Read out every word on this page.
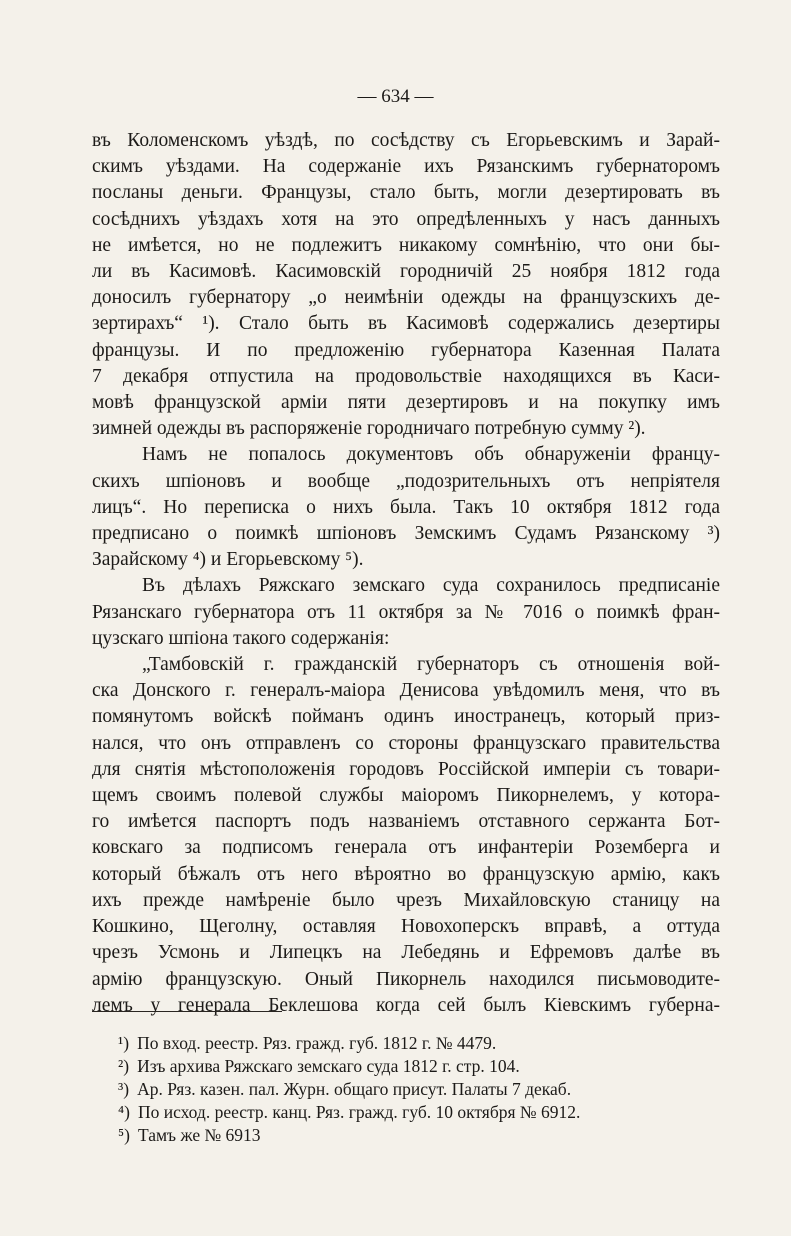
— 634 —

въ Коломенскомъ уѣздѣ, по сосѣдству съ Егорьевскимъ и Зарай-
скимъ уѣздами. На содержаніе ихъ Рязанскимъ губернаторомъ
посланы деньги. Французы, стало быть, могли дезертировать въ
сосѣднихъ уѣздахъ хотя на это опредѣленныхъ у насъ данныхъ
не имѣется, но не подлежитъ никакому сомнѣнію, что они бы-
ли въ Касимовѣ. Касимовскій городничій 25 ноября 1812 года
доносилъ губернатору „о неимѣніи одежды на французскихъ де-
зертирахъ“ ¹). Стало быть въ Касимовѣ содержались дезертиры
французы. И по предложенію губернатора Казенная Палата
7 декабря отпустила на продовольствіе находящихся въ Каси-
мовѣ французской арміи пяти дезертировъ и на покупку имъ
зимней одежды въ распоряженіе городничаго потребную сумму ²).

Намъ не попалось документовъ объ обнаруженіи францу-
скихъ шпіоновъ и вообще „подозрительныхъ отъ непріятеля
лицъ“. Но переписка о нихъ была. Такъ 10 октября 1812 года
предписано о поимкѣ шпіоновъ Земскимъ Судамъ Рязанскому ³)
Зарайскому ⁴) и Егорьевскому ⁵).

Въ дѣлахъ Ряжскаго земскаго суда сохранилось предписаніе
Рязанскаго губернатора отъ 11 октября за № 7016 о поимкѣ фран-
цузскаго шпіона такого содержанія:

„Тамбовскій г. гражданскій губернаторъ съ отношенія вой-
ска Донского г. генералъ-маіора Денисова увѣдомилъ меня, что въ
помянутомъ войскѣ пойманъ одинъ иностранецъ, который приз-
нался, что онъ отправленъ со стороны французскаго правительства
для снятія мѣстоположенія городовъ Россійской имперіи съ товари-
щемъ своимъ полевой службы маіоромъ Пикорнелемъ, у котора-
го имѣется паспортъ подъ названіемъ отставного сержанта Бот-
ковскаго за подписомъ генерала отъ инфантеріи Роземберга и
который бѣжалъ отъ него вѣроятно во французскую армію, какъ
ихъ прежде намѣреніе было чрезъ Михайловскую станицу на
Кошкино, Щеголну, оставляя Новохоперскъ вправѣ, а оттуда
чрезъ Усмонь и Липецкъ на Лебедянь и Ефремовъ далѣе въ
армію французскую. Оный Пикорнель находился письмоводите-
лемъ у генерала Беклешова когда сей былъ Кіевскимъ губерна-

¹) По вход. реестр. Ряз. гражд. губ. 1812 г. № 4479.
²) Изъ архива Ряжскаго земскаго суда 1812 г. стр. 104.
³) Ар. Ряз. казен. пал. Журн. общаго присут. Палаты 7 декаб.
⁴) По исход. реестр. канц. Ряз. гражд. губ. 10 октября № 6912.
⁵) Тамъ же № 6913
